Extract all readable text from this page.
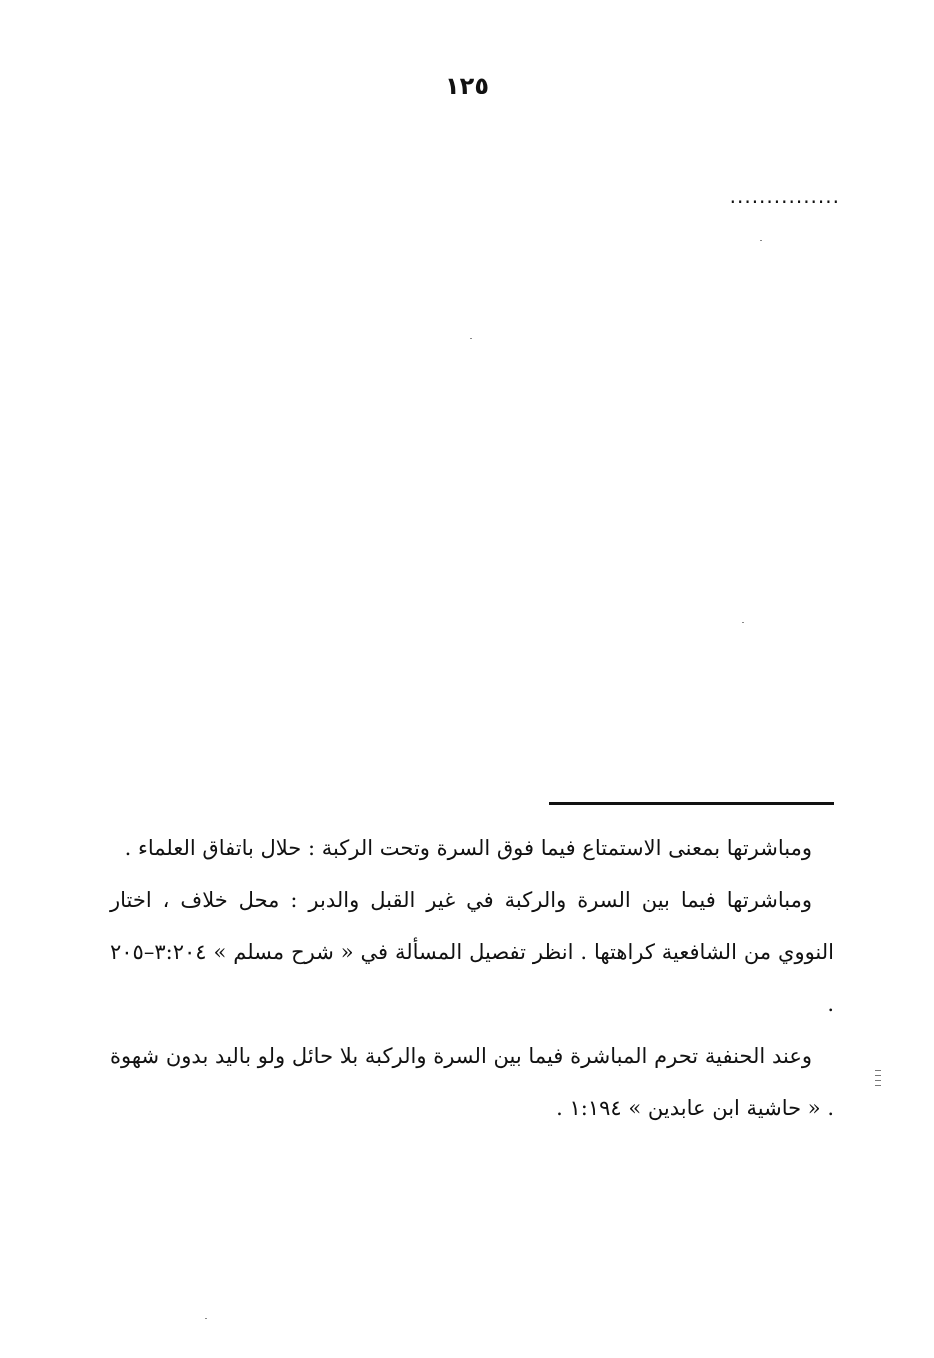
١٢٥
...............

ومباشرتها بمعنى الاستمتاع فيما فوق السرة وتحت الركبة : حلال باتفاق العلماء .

ومباشرتها فيما بين السرة والركبة في غير القبل والدبر : محل خلاف ، اختار النووي من الشافعية كراهتها . انظر تفصيل المسألة في « شرح مسلم » ٣:٢٠٤–٢٠٥ .

وعند الحنفية تحرم المباشرة فيما بين السرة والركبة بلا حائل ولو باليد بدون شهوة . « حاشية ابن عابدين » ١:١٩٤ .
